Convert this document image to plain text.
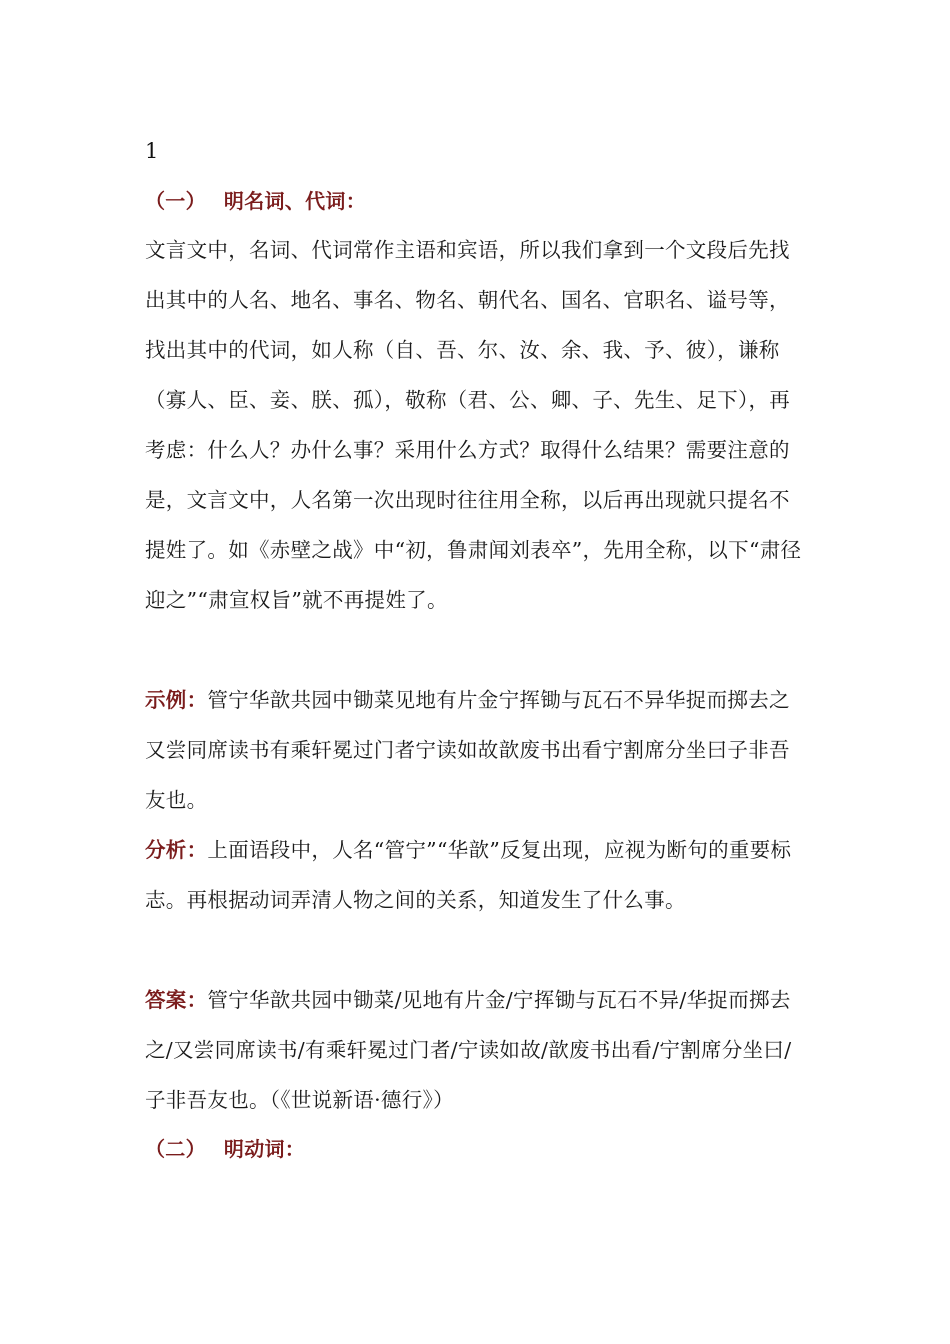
1
（一） 明名词、代词：

文言文中，名词、代词常作主语和宾语，所以我们拿到一个文段后先找出其中的人名、地名、事名、物名、朝代名、国名、官职名、谥号等，找出其中的代词，如人称（自、吾、尔、汝、余、我、予、彼），谦称（寡人、臣、妾、朕、孤），敬称（君、公、卿、子、先生、足下），再考虑：什么人？办什么事？采用什么方式？取得什么结果？需要注意的是，文言文中，人名第一次出现时往往用全称，以后再出现就只提名不提姓了。如《赤壁之战》中“初，鲁肃闻刘表卒”，先用全称，以下“肃径迎之”“肃宣权旨”就不再提姓了。

示例：管宁华歆共园中锄菜见地有片金宁挥锄与瓦石不异华捉而掷去之又尝同席读书有乘轩冕过门者宁读如故歆废书出看宁割席分坐曰子非吾友也。

分析：上面语段中，人名“管宁”“华歆”反复出现，应视为断句的重要标志。再根据动词弄清人物之间的关系，知道发生了什么事。

答案：管宁华歆共园中锄菜/见地有片金/宁挥锄与瓦石不异/华捉而掷去之/又尝同席读书/有乘轩冕过门者/宁读如故/歆废书出看/宁割席分坐曰/子非吾友也。（《世说新语·德行》）

（二） 明动词：
